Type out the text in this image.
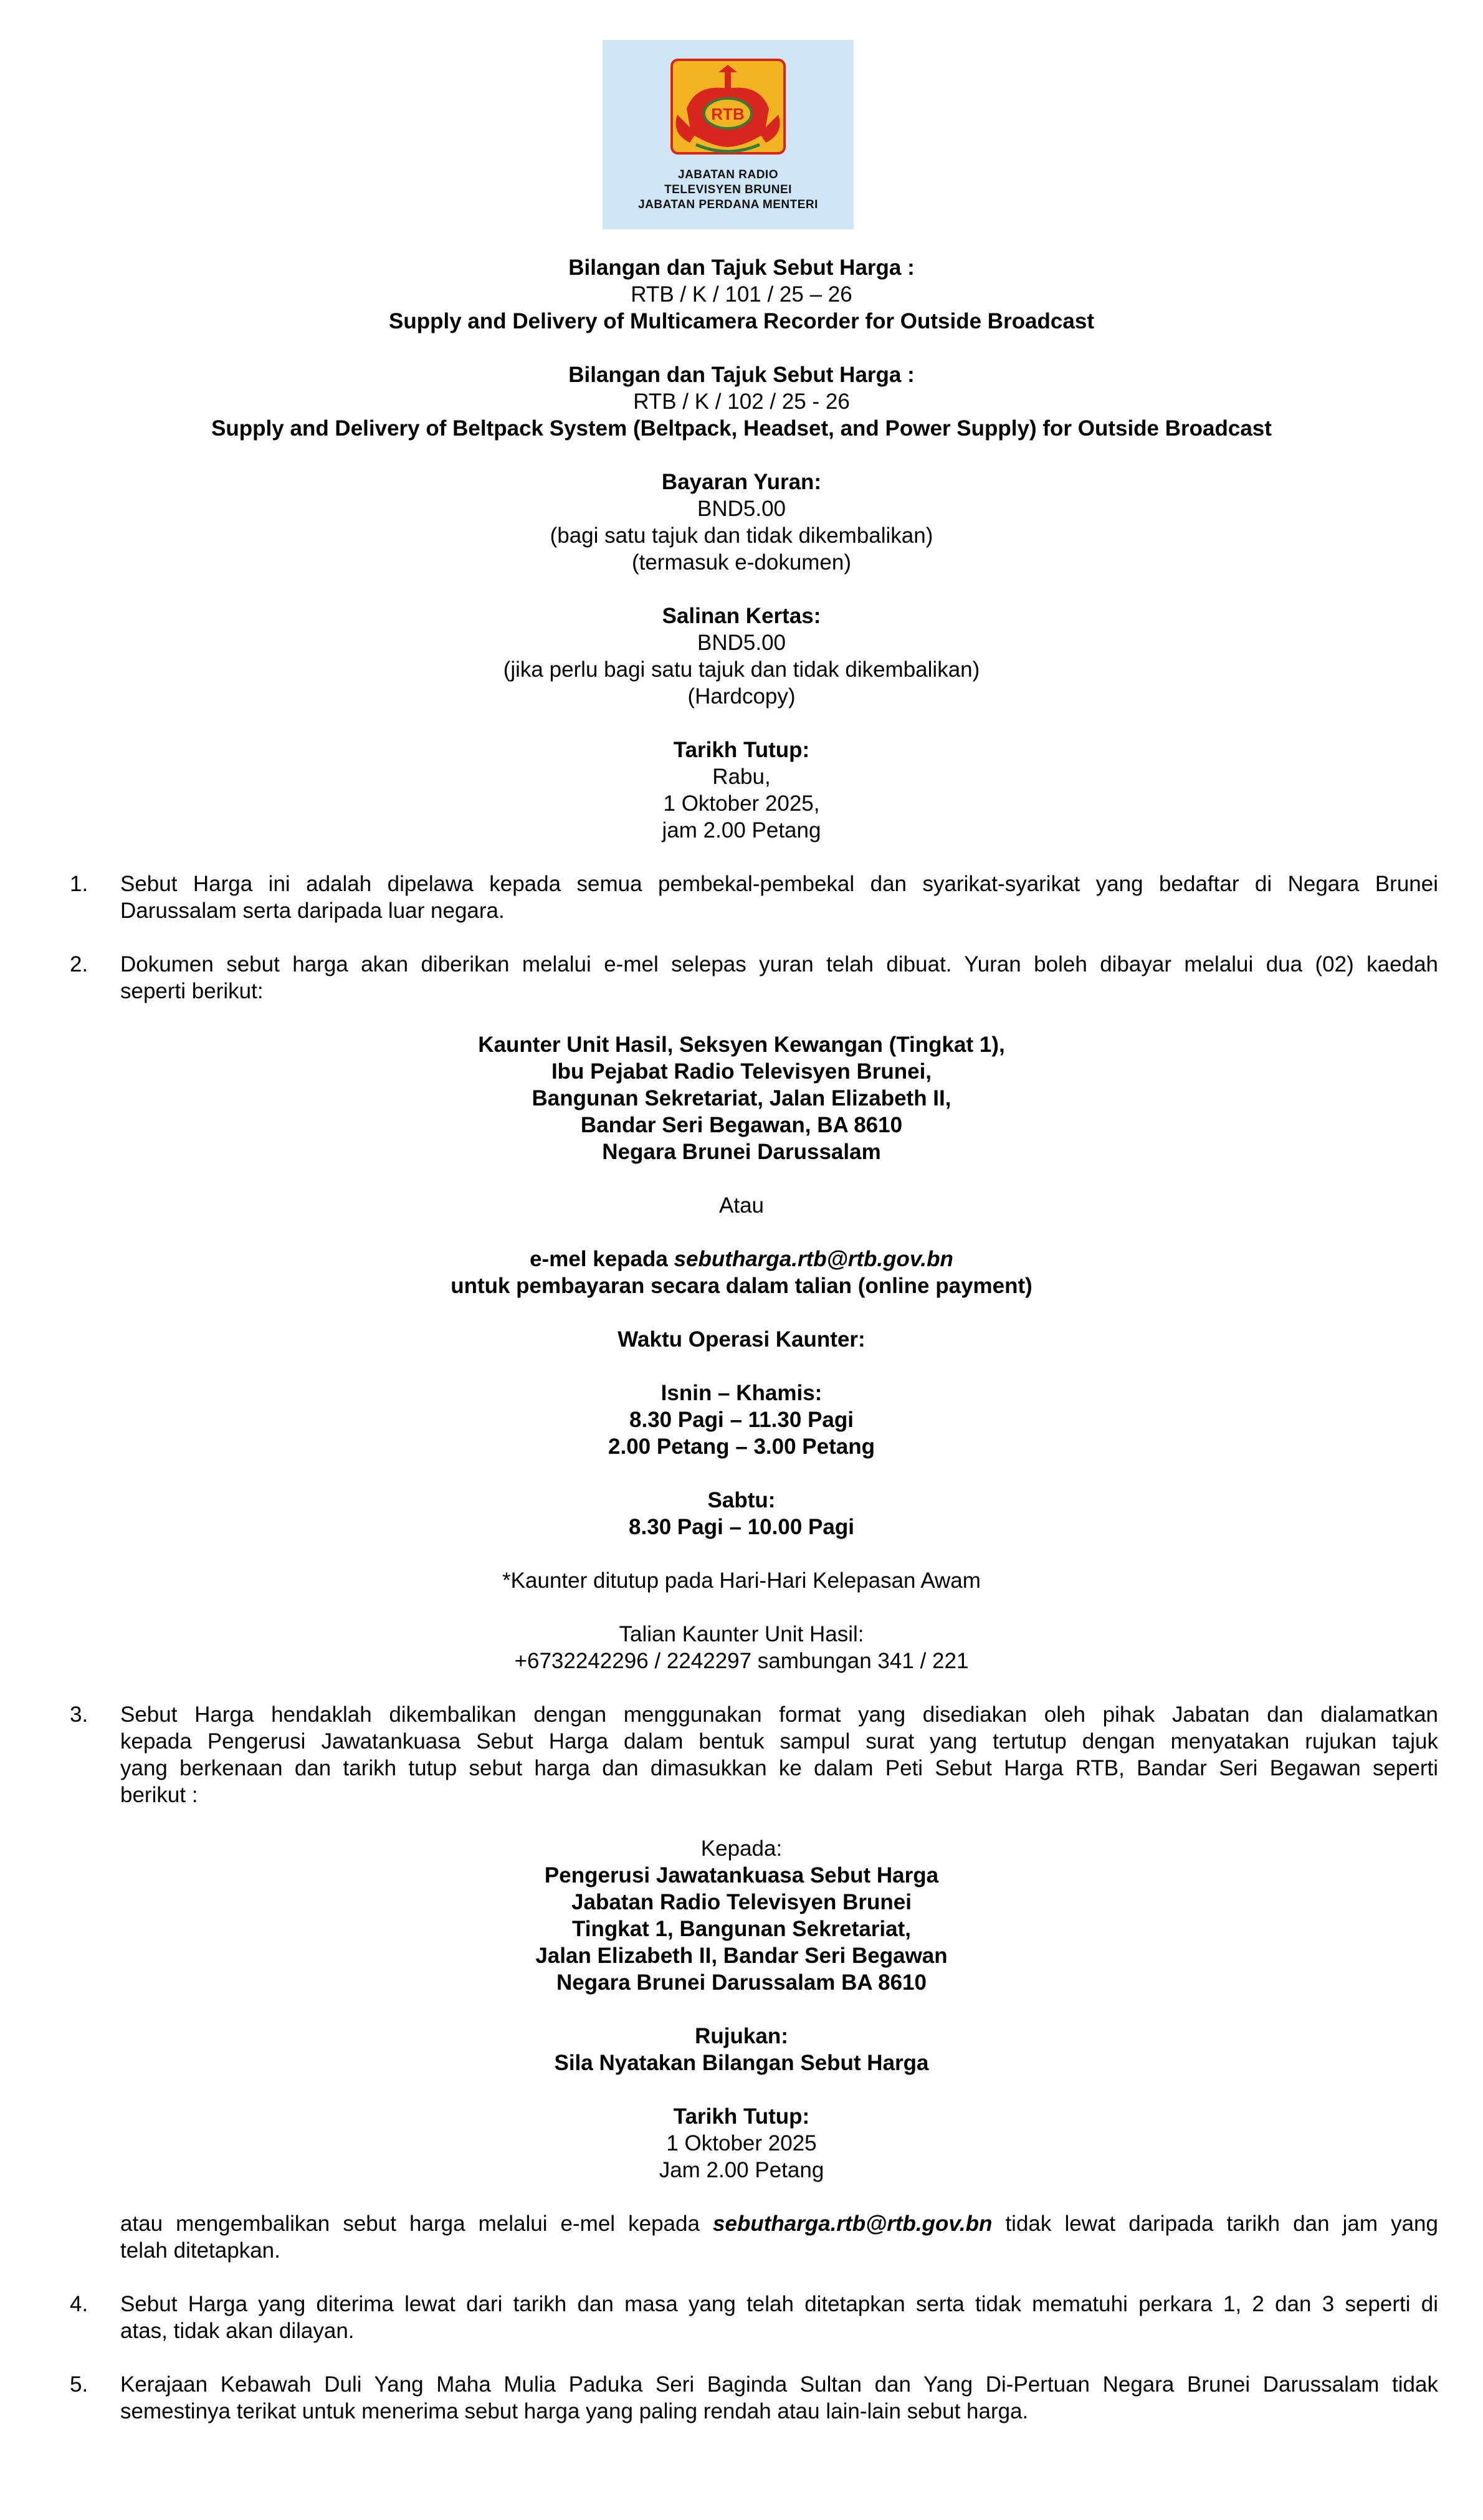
RTB
JABATAN RADIO
TELEVISYEN BRUNEI
JABATAN PERDANA MENTERI
Bilangan dan Tajuk Sebut Harga :
RTB / K / 101 / 25 – 26
Supply and Delivery of Multicamera Recorder for Outside Broadcast
Bilangan dan Tajuk Sebut Harga :
RTB / K / 102 / 25 - 26
Supply and Delivery of Beltpack System (Beltpack, Headset, and Power Supply) for Outside Broadcast
Bayaran Yuran:
BND5.00
(bagi satu tajuk dan tidak dikembalikan)
(termasuk e-dokumen)
Salinan Kertas:
BND5.00
(jika perlu bagi satu tajuk dan tidak dikembalikan)
(Hardcopy)
Tarikh Tutup:
Rabu,
1 Oktober 2025,
jam 2.00 Petang
1.	Sebut Harga ini adalah dipelawa kepada semua pembekal-pembekal dan syarikat-syarikat yang bedaftar di Negara Brunei
Darussalam serta daripada luar negara.
2.	Dokumen sebut harga akan diberikan melalui e-mel selepas yuran telah dibuat. Yuran boleh dibayar melalui dua (02) kaedah
seperti berikut:
Kaunter Unit Hasil, Seksyen Kewangan (Tingkat 1),
Ibu Pejabat Radio Televisyen Brunei,
Bangunan Sekretariat, Jalan Elizabeth II,
Bandar Seri Begawan, BA 8610
Negara Brunei Darussalam
Atau
e-mel kepada sebutharga.rtb@rtb.gov.bn
untuk pembayaran secara dalam talian (online payment)
Waktu Operasi Kaunter:
Isnin – Khamis:
8.30 Pagi – 11.30 Pagi
2.00 Petang – 3.00 Petang
Sabtu:
8.30 Pagi – 10.00 Pagi
*Kaunter ditutup pada Hari-Hari Kelepasan Awam
Talian Kaunter Unit Hasil:
+6732242296 / 2242297 sambungan 341 / 221
3.	Sebut Harga hendaklah dikembalikan dengan menggunakan format yang disediakan oleh pihak Jabatan dan dialamatkan
kepada Pengerusi Jawatankuasa Sebut Harga dalam bentuk sampul surat yang tertutup dengan menyatakan rujukan tajuk
yang berkenaan dan tarikh tutup sebut harga dan dimasukkan ke dalam Peti Sebut Harga RTB, Bandar Seri Begawan seperti
berikut :
Kepada:
Pengerusi Jawatankuasa Sebut Harga
Jabatan Radio Televisyen Brunei
Tingkat 1, Bangunan Sekretariat,
Jalan Elizabeth II, Bandar Seri Begawan
Negara Brunei Darussalam BA 8610
Rujukan:
Sila Nyatakan Bilangan Sebut Harga
Tarikh Tutup:
1 Oktober 2025
Jam 2.00 Petang
atau mengembalikan sebut harga melalui e-mel kepada sebutharga.rtb@rtb.gov.bn tidak lewat daripada tarikh dan jam yang
telah ditetapkan.
4.	Sebut Harga yang diterima lewat dari tarikh dan masa yang telah ditetapkan serta tidak mematuhi perkara 1, 2 dan 3 seperti di
atas, tidak akan dilayan.
5.	Kerajaan Kebawah Duli Yang Maha Mulia Paduka Seri Baginda Sultan dan Yang Di-Pertuan Negara Brunei Darussalam tidak
semestinya terikat untuk menerima sebut harga yang paling rendah atau lain-lain sebut harga.
